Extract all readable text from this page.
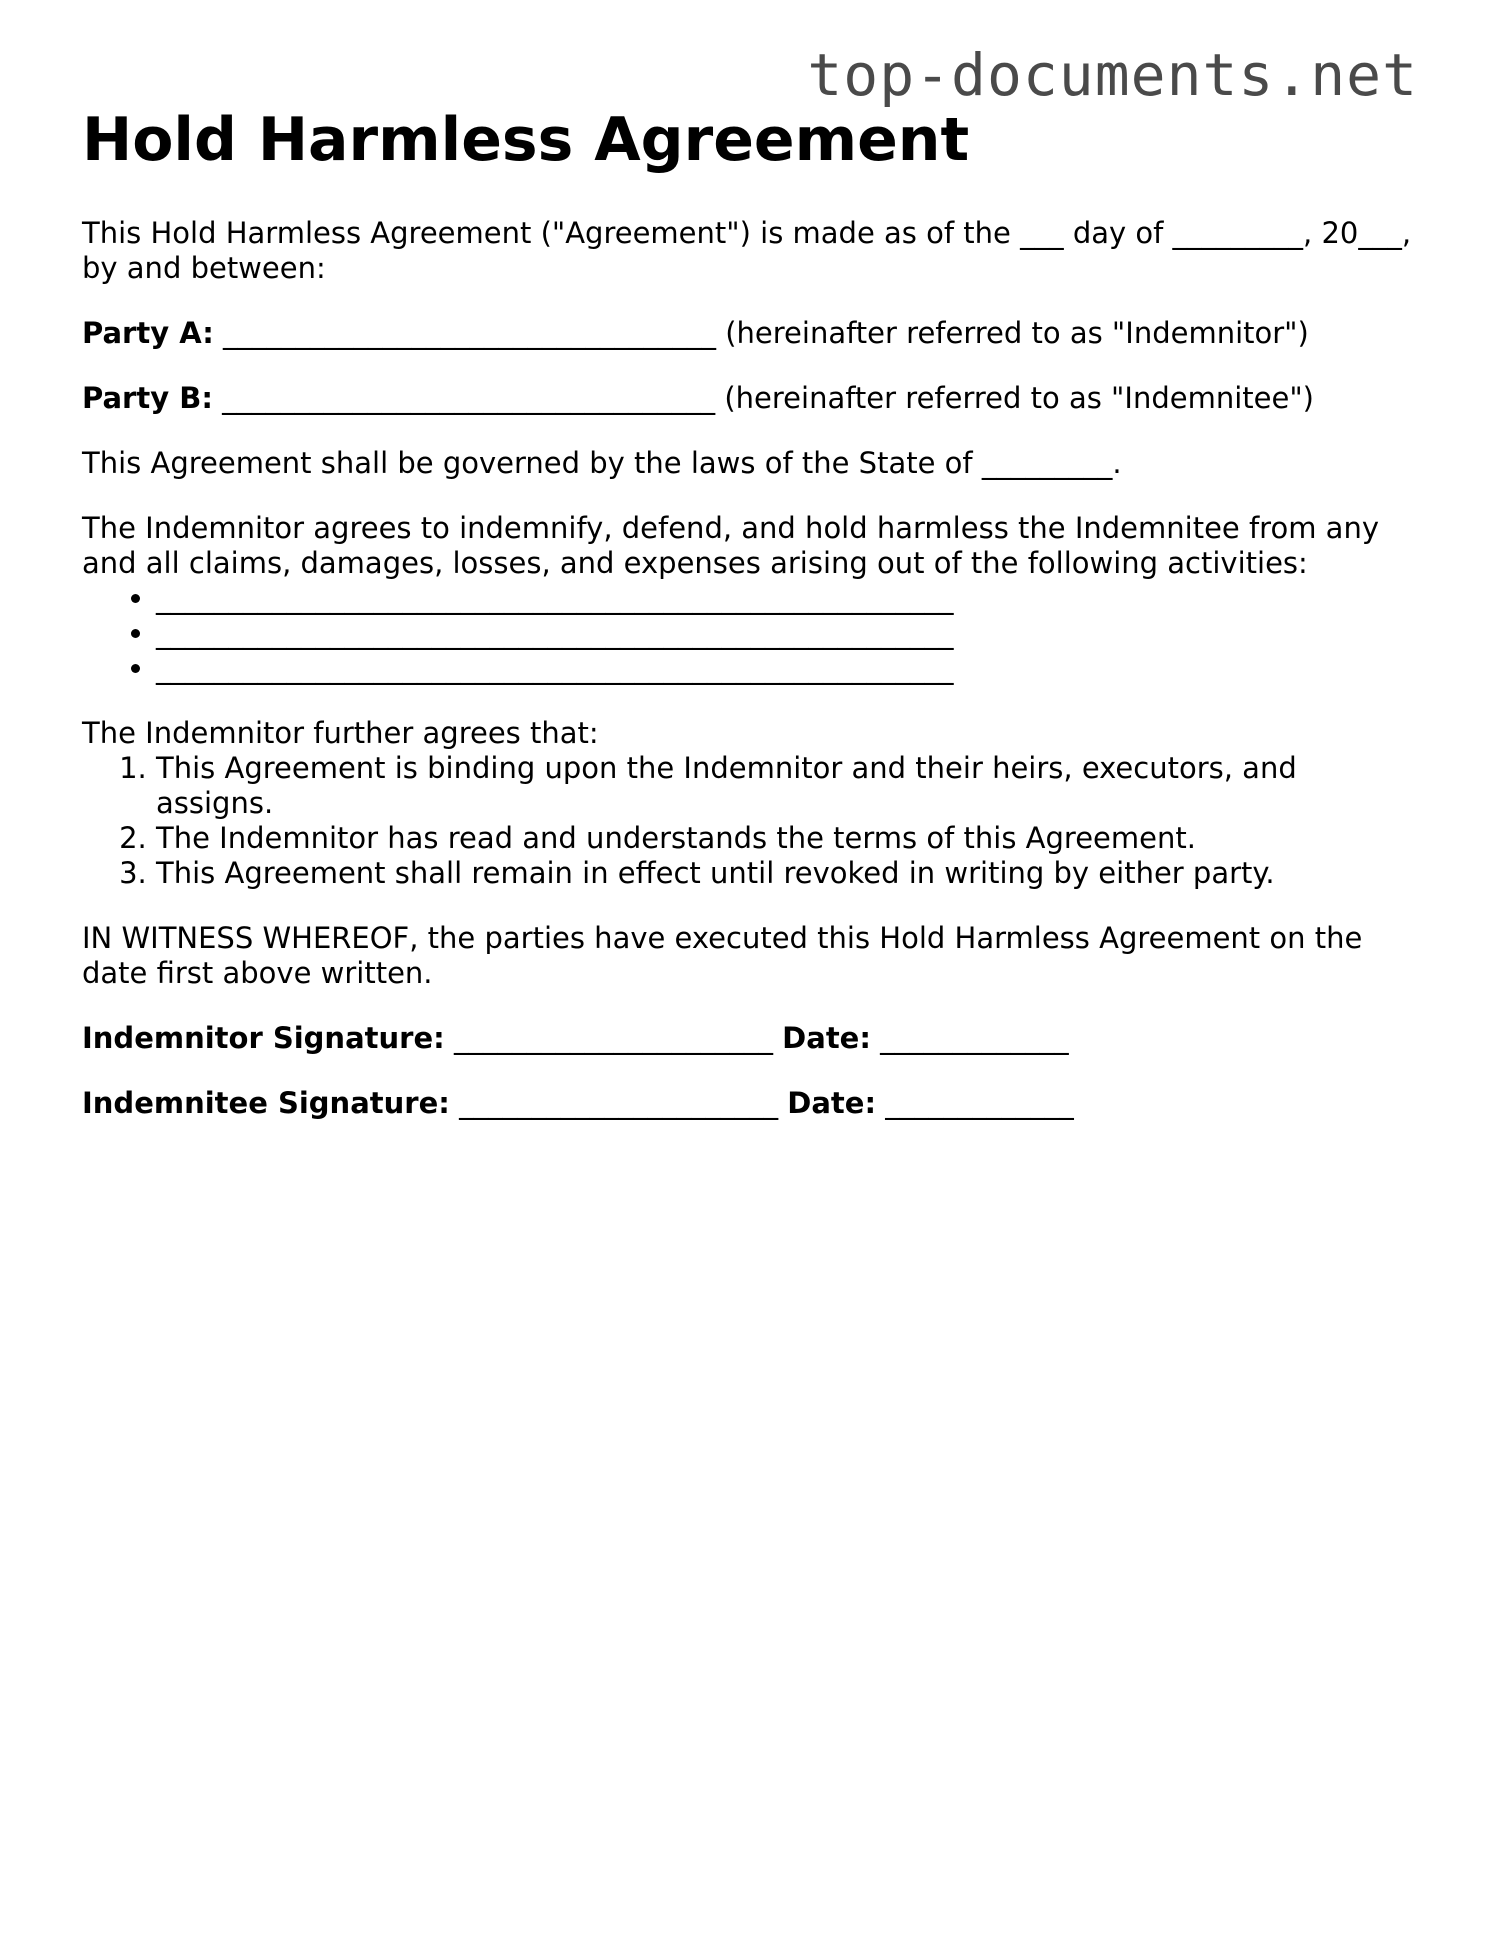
top-documents.net
Hold Harmless Agreement

This Hold Harmless Agreement ("Agreement") is made as of the ___ day of _________, 20___, by and between:

Party A: __________________________________ (hereinafter referred to as "Indemnitor")

Party B: __________________________________ (hereinafter referred to as "Indemnitee")

This Agreement shall be governed by the laws of the State of _________.

The Indemnitor agrees to indemnify, defend, and hold harmless the Indemnitee from any and all claims, damages, losses, and expenses arising out of the following activities:

• _______________________________________________________
• _______________________________________________________
• _______________________________________________________

The Indemnitor further agrees that:

1. This Agreement is binding upon the Indemnitor and their heirs, executors, and assigns.
2. The Indemnitor has read and understands the terms of this Agreement.
3. This Agreement shall remain in effect until revoked in writing by either party.

IN WITNESS WHEREOF, the parties have executed this Hold Harmless Agreement on the date first above written.

Indemnitor Signature: ______________________ Date: _____________

Indemnitee Signature: ______________________ Date: _____________
